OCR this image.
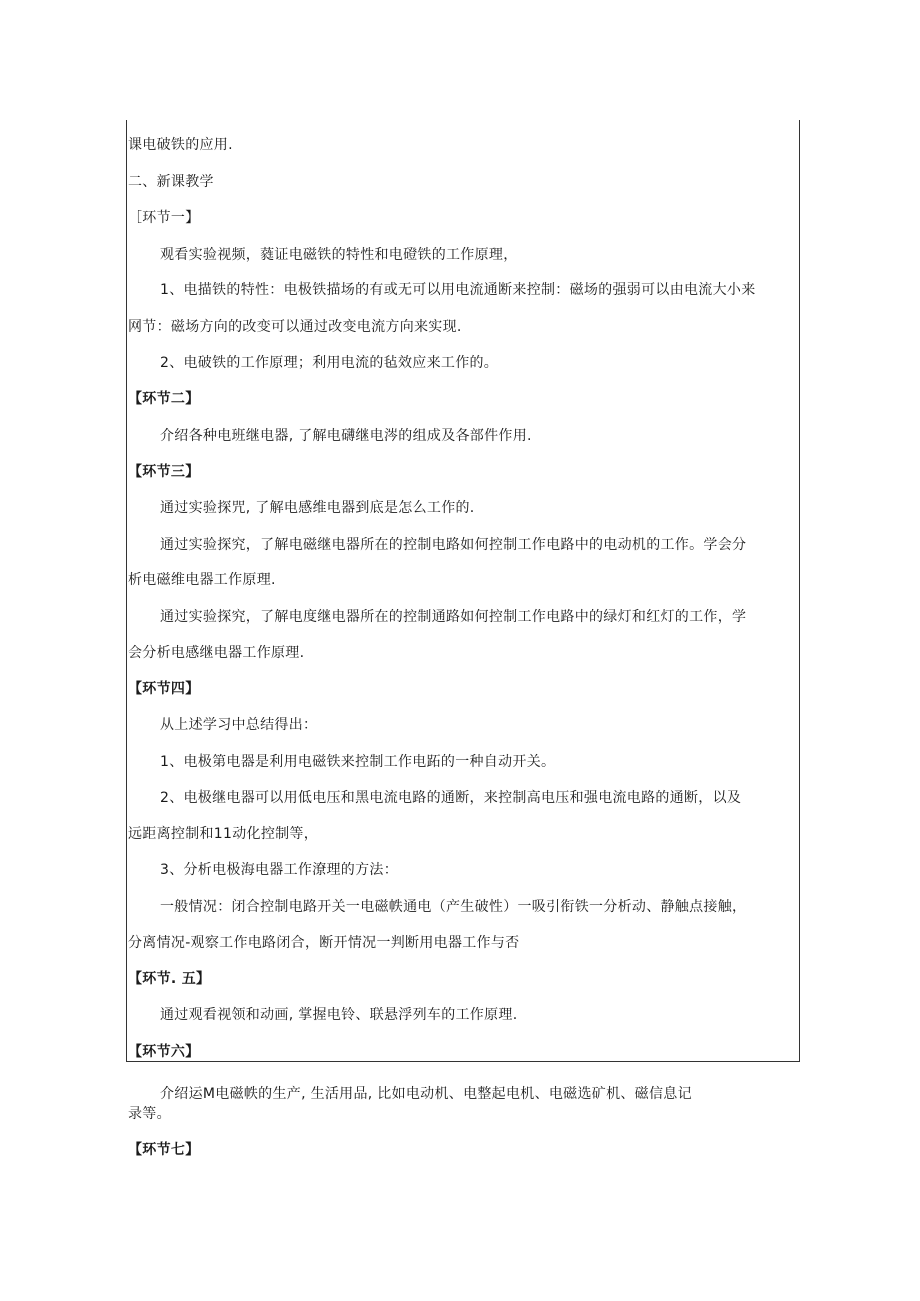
课电破铁的应用.
二、新课教学
［环节一】
观看实验视频，蕤证电磁铁的特性和电磴铁的工作原理，
1、电描铁的特性：电极铁描场的有或无可以用电流通断来控制：磁场的强弱可以由电流大小来
网节：磁场方向的改变可以通过改变电流方向来实现.
2、电破铁的工作原理；利用电流的毡效应来工作的。
【环节二】
介绍各种电班继电器, 了解电礴继电涔的组成及各部件作用.
【环节三】
通过实验探咒, 了解电感维电器到底是怎么工作的.
通过实验探究，了解电磁继电器所在的控制电路如何控制工作电路中的电动机的工作。学会分
析电磁维电器工作原理.
通过实验探究，了解电度继电器所在的控制通路如何控制工作电路中的绿灯和红灯的工作，学
会分析电感继电器工作原理.
【环节四】
从上述学习中总结得出：
1、电极第电器是利用电磁铁来控制工作电跖的一种自动开关。
2、电极继电器可以用低电压和黑电流电路的通断，来控制高电压和强电流电路的通断，以及
远距离控制和11动化控制等，
3、分析电极海电器工作潦理的方法：
一般情况：闭合控制电路开关一电磁帙通电（产生破性）一吸引衔铁一分析动、静触点接触，
分离情况-观察工作电路闭合，断开情况一判断用电器工作与否
【环节. 五】
通过观看视领和动画, 掌握电铃、联悬浮列车的工作原理.
【环节六】
介绍运M电磁帙的生产, 生活用品, 比如电动机、电整起电机、电磁选矿机、磁信息记
录等。
【环节七】
